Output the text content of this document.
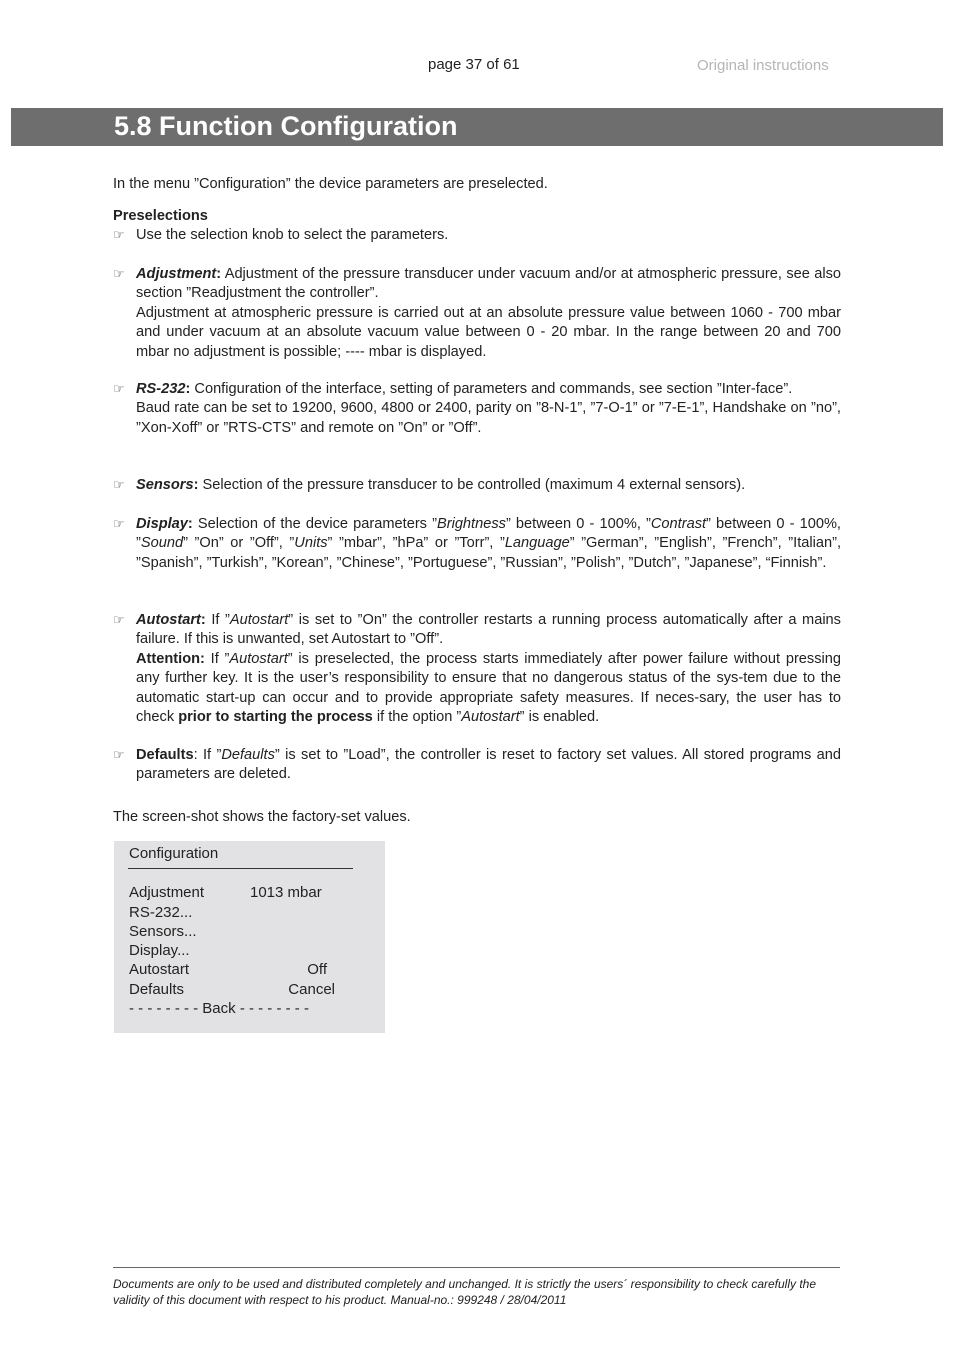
page 37 of 61	Original instructions
5.8 Function Configuration
In the menu ”Configuration” the device parameters are preselected.
Preselections
☞ Use the selection knob to select the parameters.
☞ Adjustment: Adjustment of the pressure transducer under vacuum and/or at atmospheric pressure, see also section ”Readjustment the controller”.
Adjustment at atmospheric pressure is carried out at an absolute pressure value between 1060 - 700 mbar and under vacuum at an absolute vacuum value between 0 - 20 mbar. In the range between 20 and 700 mbar no adjustment is possible; ---- mbar is displayed.
☞ RS-232: Configuration of the interface, setting of parameters and commands, see section ”Inter-face”.
Baud rate can be set to 19200, 9600, 4800 or 2400, parity on ”8-N-1”, ”7-O-1” or ”7-E-1”, Handshake on ”no”, ”Xon-Xoff” or ”RTS-CTS” and remote on ”On” or ”Off”.
☞ Sensors: Selection of the pressure transducer to be controlled (maximum 4 external sensors).
☞ Display: Selection of the device parameters ”Brightness” between 0 - 100%, ”Contrast” between 0 - 100%, ”Sound” ”On” or ”Off”, ”Units” ”mbar”, ”hPa” or ”Torr”, ”Language” ”German”, ”English”, ”French”, ”Italian”, ”Spanish”, ”Turkish”, ”Korean”, ”Chinese”, ”Portuguese”, ”Russian”, ”Polish”, ”Dutch”, ”Japanese”, “Finnish”.
☞ Autostart: If ”Autostart” is set to ”On” the controller restarts a running process automatically after a mains failure. If this is unwanted, set Autostart to ”Off”.
Attention: If ”Autostart” is preselected, the process starts immediately after power failure without pressing any further key. It is the user’s responsibility to ensure that no dangerous status of the sys-tem due to the automatic start-up can occur and to provide appropriate safety measures. If neces-sary, the user has to check prior to starting the process if the option ”Autostart” is enabled.
☞ Defaults: If ”Defaults” is set to ”Load”, the controller is reset to factory set values. All stored programs and parameters are deleted.
The screen-shot shows the factory-set values.
Configuration
Adjustment	1013 mbar
RS-232...
Sensors...
Display...
Autostart	Off
Defaults	Cancel
- - - - - - - - Back - - - - - - - -
Documents are only to be used and distributed completely and unchanged. It is strictly the users´ responsibility to check carefully the validity of this document with respect to his product. Manual-no.: 999248 / 28/04/2011
